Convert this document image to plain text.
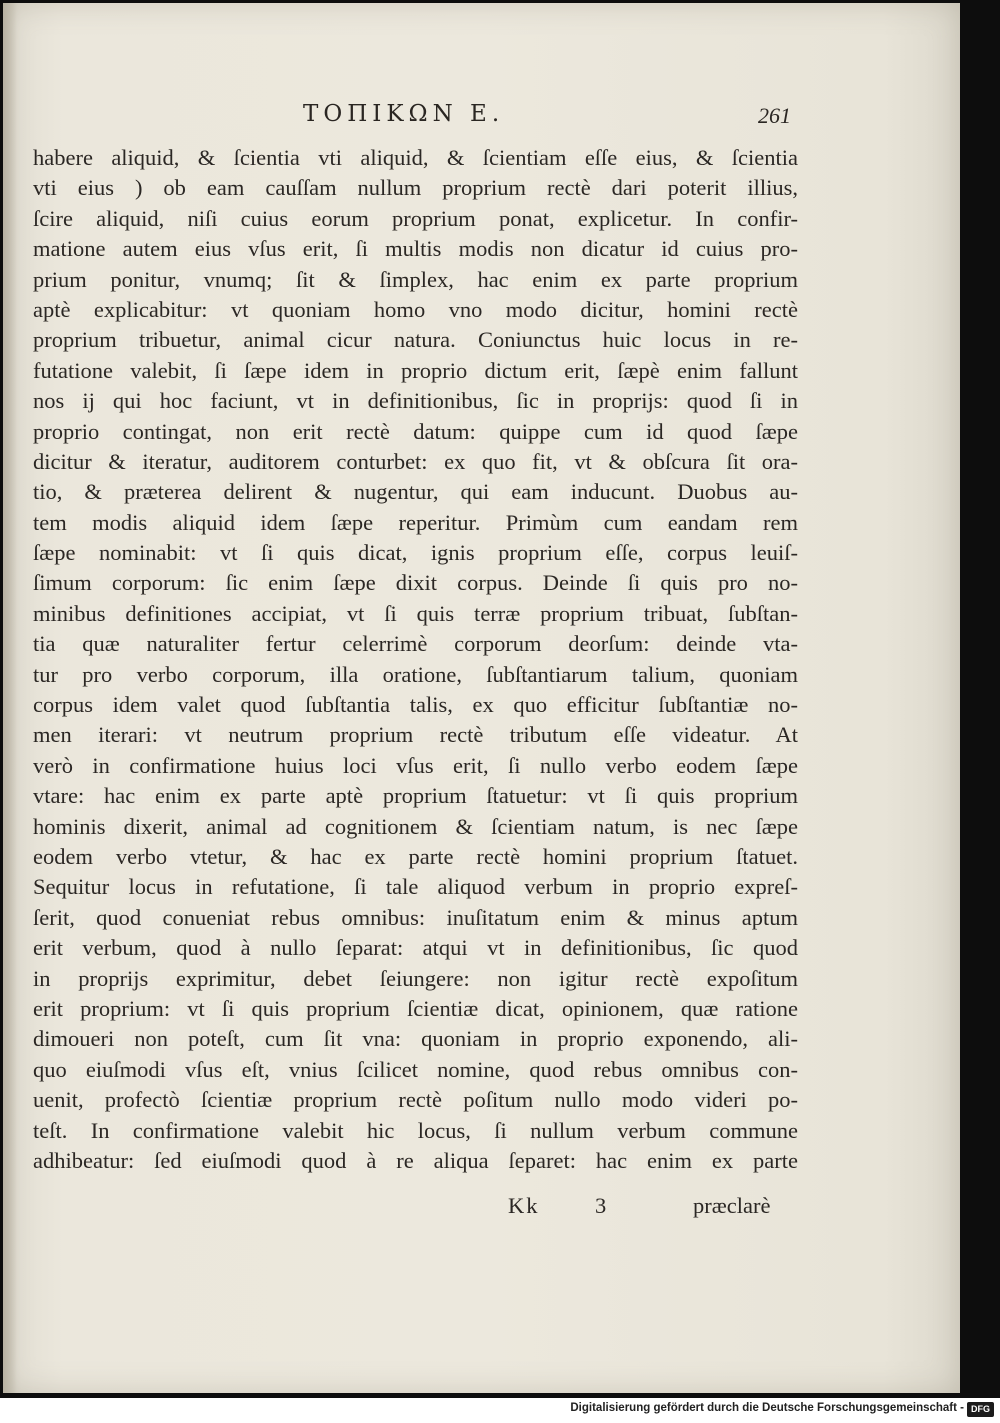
ΤΟΠΙΚΩΝ Ε.	261
habere aliquid, & ſcientia vti aliquid, & ſcientiam eſſe eius, & ſcientia
vti eius ) ob eam cauſſam nullum proprium rectè dari poterit illius,
ſcire aliquid, niſi cuius eorum proprium ponat, explicetur. In confir-
matione autem eius vſus erit, ſi multis modis non dicatur id cuius pro-
prium ponitur, vnumq; ſit & ſimplex, hac enim ex parte proprium
aptè explicabitur: vt quoniam homo vno modo dicitur, homini rectè
proprium tribuetur, animal cicur natura. Coniunctus huic locus in re-
futatione valebit, ſi ſæpe idem in proprio dictum erit, ſæpè enim fallunt
nos ij qui hoc faciunt, vt in definitionibus, ſic in proprijs: quod ſi in
proprio contingat, non erit rectè datum: quippe cum id quod ſæpe
dicitur & iteratur, auditorem conturbet: ex quo fit, vt & obſcura ſit ora-
tio, & præterea delirent & nugentur, qui eam inducunt. Duobus au-
tem modis aliquid idem ſæpe reperitur. Primùm cum eandam rem
ſæpe nominabit: vt ſi quis dicat, ignis proprium eſſe, corpus leuiſ-
ſimum corporum: ſic enim ſæpe dixit corpus. Deinde ſi quis pro no-
minibus definitiones accipiat, vt ſi quis terræ proprium tribuat, ſubſtan-
tia quæ naturaliter fertur celerrimè corporum deorſum: deinde vta-
tur pro verbo corporum, illa oratione, ſubſtantiarum talium, quoniam
corpus idem valet quod ſubſtantia talis, ex quo efficitur ſubſtantiæ no-
men iterari: vt neutrum proprium rectè tributum eſſe videatur. At
verò in confirmatione huius loci vſus erit, ſi nullo verbo eodem ſæpe
vtare: hac enim ex parte aptè proprium ſtatuetur: vt ſi quis proprium
hominis dixerit, animal ad cognitionem & ſcientiam natum, is nec ſæpe
eodem verbo vtetur, & hac ex parte rectè homini proprium ſtatuet.
Sequitur locus in refutatione, ſi tale aliquod verbum in proprio expreſ-
ſerit, quod conueniat rebus omnibus: inuſitatum enim & minus aptum
erit verbum, quod à nullo ſeparat: atqui vt in definitionibus, ſic quod
in proprijs exprimitur, debet ſeiungere: non igitur rectè expoſitum
erit proprium: vt ſi quis proprium ſcientiæ dicat, opinionem, quæ ratione
dimoueri non poteſt, cum ſit vna: quoniam in proprio exponendo, ali-
quo eiuſmodi vſus eſt, vnius ſcilicet nomine, quod rebus omnibus con-
uenit, profectò ſcientiæ proprium rectè poſitum nullo modo videri po-
teſt. In confirmatione valebit hic locus, ſi nullum verbum commune
adhibeatur: ſed eiuſmodi quod à re aliqua ſeparet: hac enim ex parte
Kk 3	præclarè
Digitalisierung gefördert durch die Deutsche Forschungsgemeinschaft - DFG
